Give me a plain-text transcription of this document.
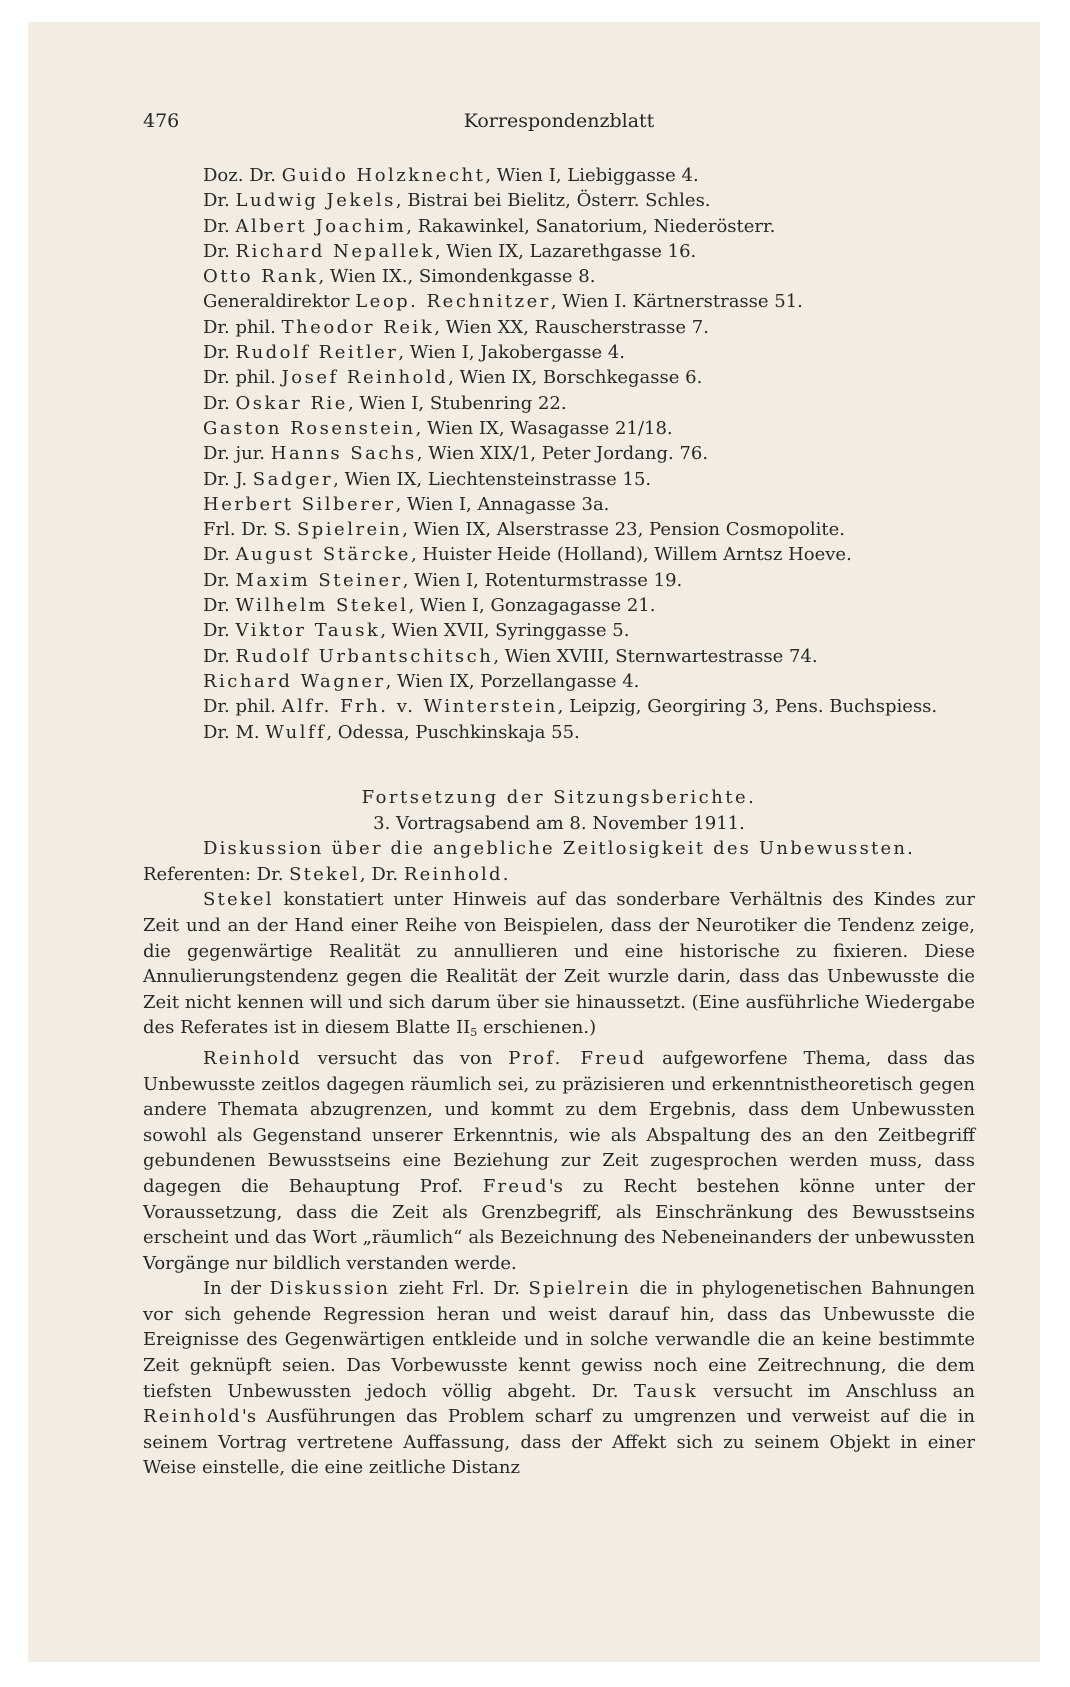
476	Korrespondenzblatt
Doz. Dr. Guido Holzknecht, Wien I, Liebiggasse 4.
Dr. Ludwig Jekels, Bistrai bei Bielitz, Österr. Schles.
Dr. Albert Joachim, Rakawinkel, Sanatorium, Niederösterr.
Dr. Richard Nepallek, Wien IX, Lazarethgasse 16.
Otto Rank, Wien IX., Simondenkgasse 8.
Generaldirektor Leop. Rechnitzer, Wien I. Kärtnerstrasse 51.
Dr. phil. Theodor Reik, Wien XX, Rauscherstrasse 7.
Dr. Rudolf Reitler, Wien I, Jakobergasse 4.
Dr. phil. Josef Reinhold, Wien IX, Borschkegasse 6.
Dr. Oskar Rie, Wien I, Stubenring 22.
Gaston Rosenstein, Wien IX, Wasagasse 21/18.
Dr. jur. Hanns Sachs, Wien XIX/1, Peter Jordang. 76.
Dr. J. Sadger, Wien IX, Liechtensteinstrasse 15.
Herbert Silberer, Wien I, Annagasse 3a.
Frl. Dr. S. Spielrein, Wien IX, Alserstrasse 23, Pension Cosmopolite.
Dr. August Stärcke, Huister Heide (Holland), Willem Arntsz Hoeve.
Dr. Maxim Steiner, Wien I, Rotenturmstrasse 19.
Dr. Wilhelm Stekel, Wien I, Gonzagagasse 21.
Dr. Viktor Tausk, Wien XVII, Syringgasse 5.
Dr. Rudolf Urbantschitsch, Wien XVIII, Sternwartestrasse 74.
Richard Wagner, Wien IX, Porzellangasse 4.
Dr. phil. Alfr. Frh. v. Winterstein, Leipzig, Georgiring 3, Pens. Buchspiess.
Dr. M. Wulff, Odessa, Puschkinskaja 55.
Fortsetzung der Sitzungsberichte.
3. Vortragsabend am 8. November 1911.
Diskussion über die angebliche Zeitlosigkeit des Unbewussten.

Referenten: Dr. Stekel, Dr. Reinhold.

Stekel konstatiert unter Hinweis auf das sonderbare Verhältnis des Kindes zur Zeit und an der Hand einer Reihe von Beispielen, dass der Neurotiker die Tendenz zeige, die gegenwärtige Realität zu annullieren und eine historische zu fixieren. Diese Annulierungstendenz gegen die Realität der Zeit wurzle darin, dass das Unbewusste die Zeit nicht kennen will und sich darum über sie hinaussetzt. (Eine ausführliche Wiedergabe des Referates ist in diesem Blatte $II_5$ erschienen.)

Reinhold versucht das von Prof. Freud aufgeworfene Thema, dass das Unbewusste zeitlos dagegen räumlich sei, zu präzisieren und erkenntnistheoretisch gegen andere Themata abzugrenzen, und kommt zu dem Ergebnis, dass dem Unbewussten sowohl als Gegenstand unserer Erkenntnis, wie als Abspaltung des an den Zeitbegriff gebundenen Bewusstseins eine Beziehung zur Zeit zugesprochen werden muss, dass dagegen die Behauptung Prof. Freud's zu Recht bestehen könne unter der Voraussetzung, dass die Zeit als Grenzbegriff, als Einschränkung des Bewusstseins erscheint und das Wort „räumlich“ als Bezeichnung des Nebeneinanders der unbewussten Vorgänge nur bildlich verstanden werde.

In der Diskussion zieht Frl. Dr. Spielrein die in phylogenetischen Bahnungen vor sich gehende Regression heran und weist darauf hin, dass das Unbewusste die Ereignisse des Gegenwärtigen entkleide und in solche verwandle die an keine bestimmte Zeit geknüpft seien. Das Vorbewusste kennt gewiss noch eine Zeitrechnung, die dem tiefsten Unbewussten jedoch völlig abgeht. Dr. Tausk versucht im Anschluss an Reinhold's Ausführungen das Problem scharf zu umgrenzen und verweist auf die in seinem Vortrag vertretene Auffassung, dass der Affekt sich zu seinem Objekt in einer Weise einstelle, die eine zeitliche Distanz
